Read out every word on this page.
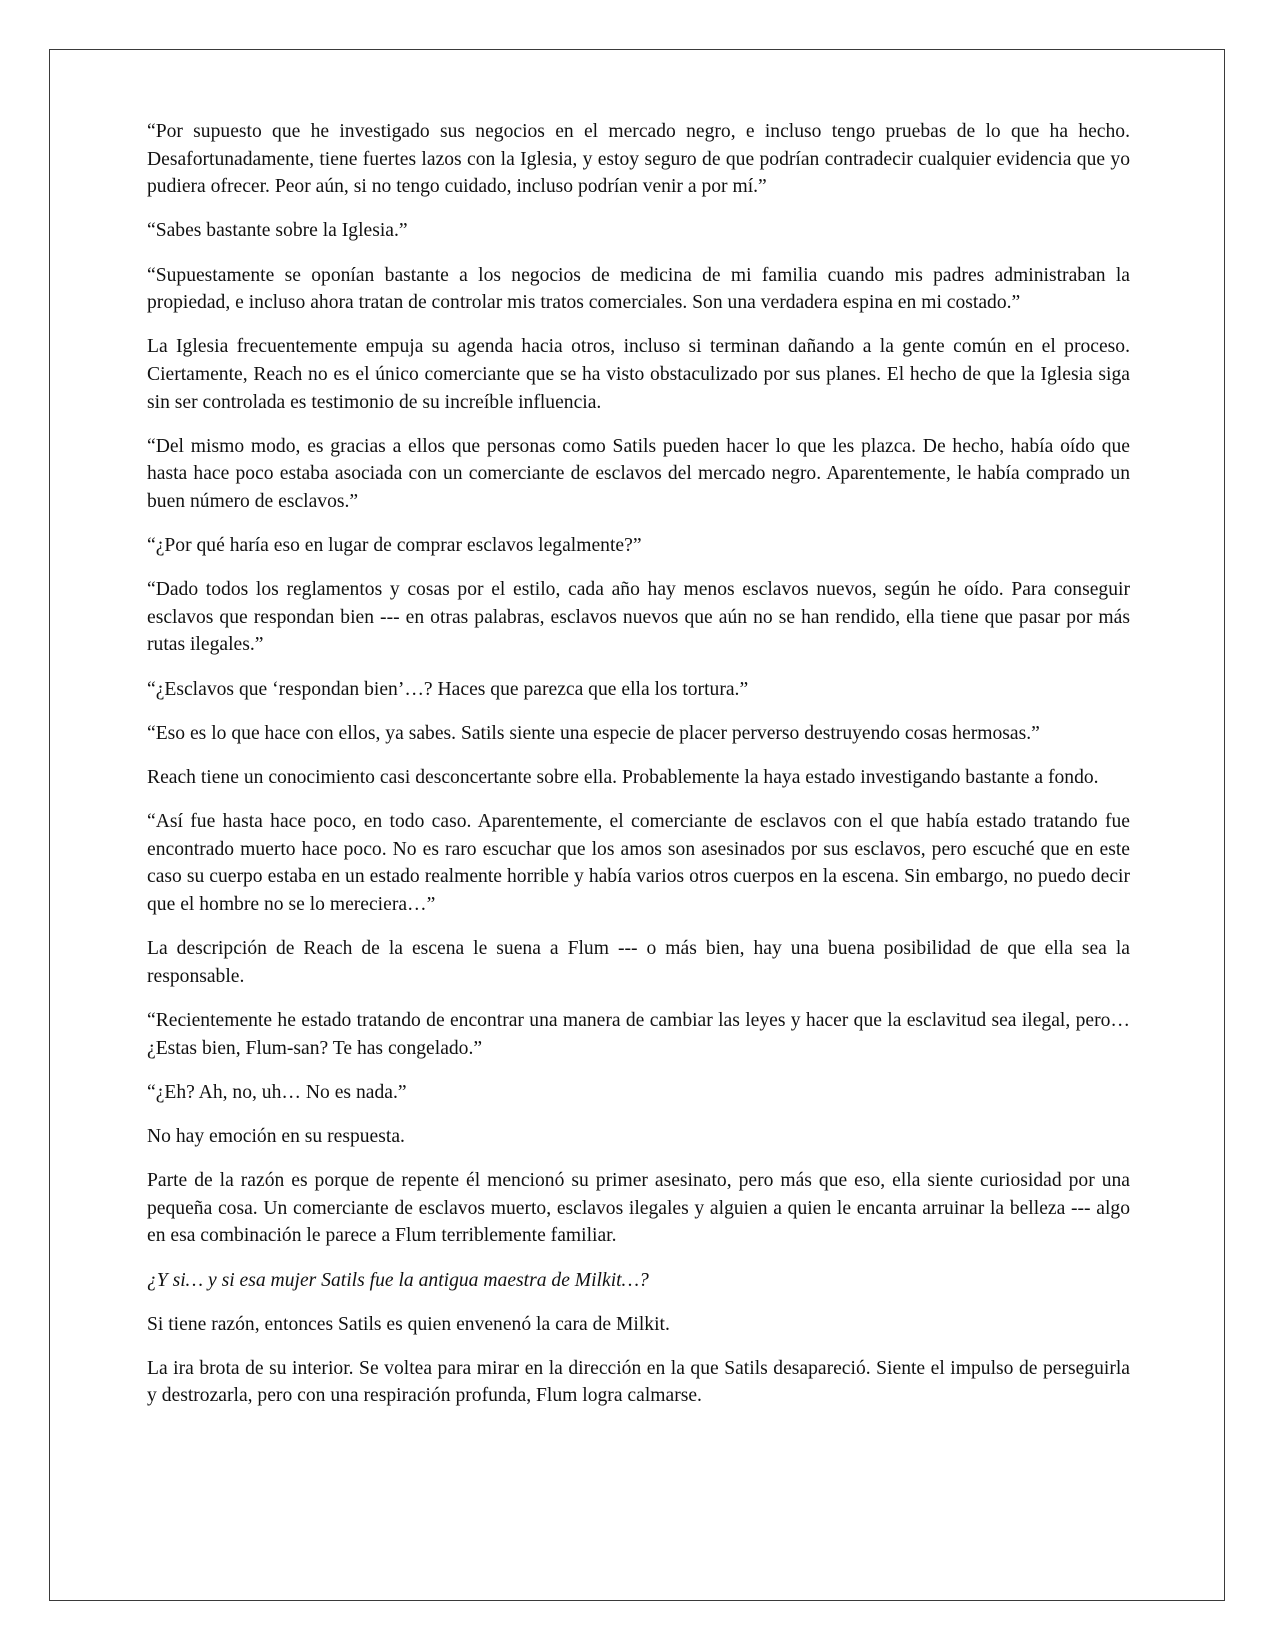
“Por supuesto que he investigado sus negocios en el mercado negro, e incluso tengo pruebas de lo que ha hecho. Desafortunadamente, tiene fuertes lazos con la Iglesia, y estoy seguro de que podrían contradecir cualquier evidencia que yo pudiera ofrecer. Peor aún, si no tengo cuidado, incluso podrían venir a por mí.”

“Sabes bastante sobre la Iglesia.”

“Supuestamente se oponían bastante a los negocios de medicina de mi familia cuando mis padres administraban la propiedad, e incluso ahora tratan de controlar mis tratos comerciales. Son una verdadera espina en mi costado.”

La Iglesia frecuentemente empuja su agenda hacia otros, incluso si terminan dañando a la gente común en el proceso. Ciertamente, Reach no es el único comerciante que se ha visto obstaculizado por sus planes. El hecho de que la Iglesia siga sin ser controlada es testimonio de su increíble influencia.

“Del mismo modo, es gracias a ellos que personas como Satils pueden hacer lo que les plazca. De hecho, había oído que hasta hace poco estaba asociada con un comerciante de esclavos del mercado negro. Aparentemente, le había comprado un buen número de esclavos.”

“¿Por qué haría eso en lugar de comprar esclavos legalmente?”

“Dado todos los reglamentos y cosas por el estilo, cada año hay menos esclavos nuevos, según he oído. Para conseguir esclavos que respondan bien --- en otras palabras, esclavos nuevos que aún no se han rendido, ella tiene que pasar por más rutas ilegales.”

“¿Esclavos que ‘respondan bien’…? Haces que parezca que ella los tortura.”

“Eso es lo que hace con ellos, ya sabes. Satils siente una especie de placer perverso destruyendo cosas hermosas.”

Reach tiene un conocimiento casi desconcertante sobre ella. Probablemente la haya estado investigando bastante a fondo.

“Así fue hasta hace poco, en todo caso. Aparentemente, el comerciante de esclavos con el que había estado tratando fue encontrado muerto hace poco. No es raro escuchar que los amos son asesinados por sus esclavos, pero escuché que en este caso su cuerpo estaba en un estado realmente horrible y había varios otros cuerpos en la escena. Sin embargo, no puedo decir que el hombre no se lo mereciera…”

La descripción de Reach de la escena le suena a Flum --- o más bien, hay una buena posibilidad de que ella sea la responsable.

“Recientemente he estado tratando de encontrar una manera de cambiar las leyes y hacer que la esclavitud sea ilegal, pero… ¿Estas bien, Flum-san? Te has congelado.”

“¿Eh? Ah, no, uh… No es nada.”

No hay emoción en su respuesta.

Parte de la razón es porque de repente él mencionó su primer asesinato, pero más que eso, ella siente curiosidad por una pequeña cosa. Un comerciante de esclavos muerto, esclavos ilegales y alguien a quien le encanta arruinar la belleza --- algo en esa combinación le parece a Flum terriblemente familiar.

¿Y si… y si esa mujer Satils fue la antigua maestra de Milkit…?

Si tiene razón, entonces Satils es quien envenenó la cara de Milkit.

La ira brota de su interior. Se voltea para mirar en la dirección en la que Satils desapareció. Siente el impulso de perseguirla y destrozarla, pero con una respiración profunda, Flum logra calmarse.
